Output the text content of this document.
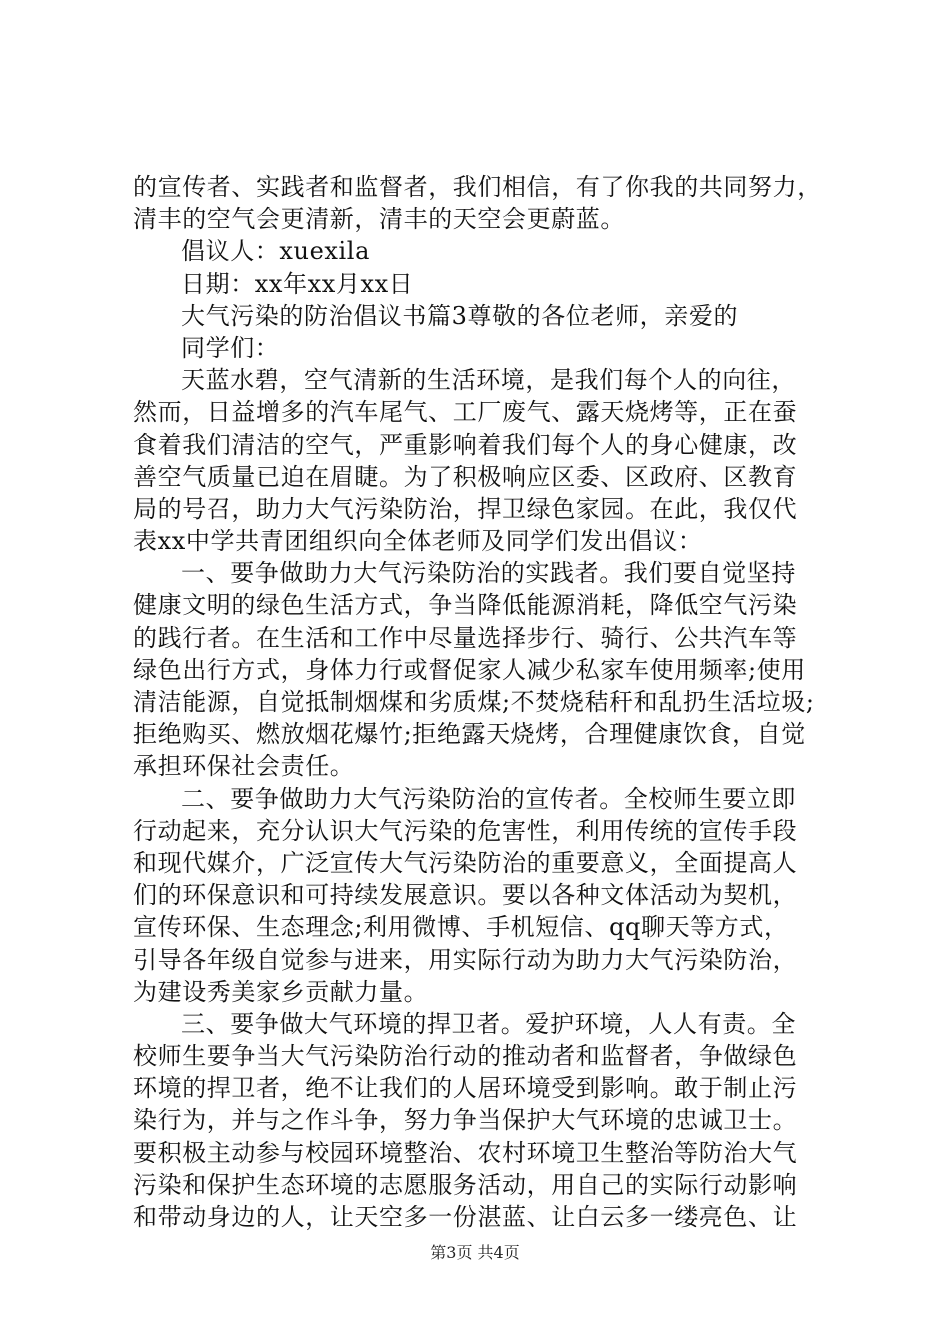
的宣传者、实践者和监督者，我们相信，有了你我的共同努力，
清丰的空气会更清新，清丰的天空会更蔚蓝。
倡议人：xuexila
日期：xx年xx月xx日
大气污染的防治倡议书篇3尊敬的各位老师，亲爱的
同学们：
天蓝水碧，空气清新的生活环境，是我们每个人的向往，
然而，日益增多的汽车尾气、工厂废气、露天烧烤等，正在蚕
食着我们清洁的空气，严重影响着我们每个人的身心健康，改
善空气质量已迫在眉睫。为了积极响应区委、区政府、区教育
局的号召，助力大气污染防治，捍卫绿色家园。在此，我仅代
表xx中学共青团组织向全体老师及同学们发出倡议：
一、要争做助力大气污染防治的实践者。我们要自觉坚持
健康文明的绿色生活方式，争当降低能源消耗，降低空气污染
的践行者。在生活和工作中尽量选择步行、骑行、公共汽车等
绿色出行方式，身体力行或督促家人减少私家车使用频率;使用
清洁能源，自觉抵制烟煤和劣质煤;不焚烧秸秆和乱扔生活垃圾;
拒绝购买、燃放烟花爆竹;拒绝露天烧烤，合理健康饮食，自觉
承担环保社会责任。
二、要争做助力大气污染防治的宣传者。全校师生要立即
行动起来，充分认识大气污染的危害性，利用传统的宣传手段
和现代媒介，广泛宣传大气污染防治的重要意义，全面提高人
们的环保意识和可持续发展意识。要以各种文体活动为契机，
宣传环保、生态理念;利用微博、手机短信、qq聊天等方式，
引导各年级自觉参与进来，用实际行动为助力大气污染防治，
为建设秀美家乡贡献力量。
三、要争做大气环境的捍卫者。爱护环境，人人有责。全
校师生要争当大气污染防治行动的推动者和监督者，争做绿色
环境的捍卫者，绝不让我们的人居环境受到影响。敢于制止污
染行为，并与之作斗争，努力争当保护大气环境的忠诚卫士。
要积极主动参与校园环境整治、农村环境卫生整治等防治大气
污染和保护生态环境的志愿服务活动，用自己的实际行动影响
和带动身边的人，让天空多一份湛蓝、让白云多一缕亮色、让
第3页 共4页
